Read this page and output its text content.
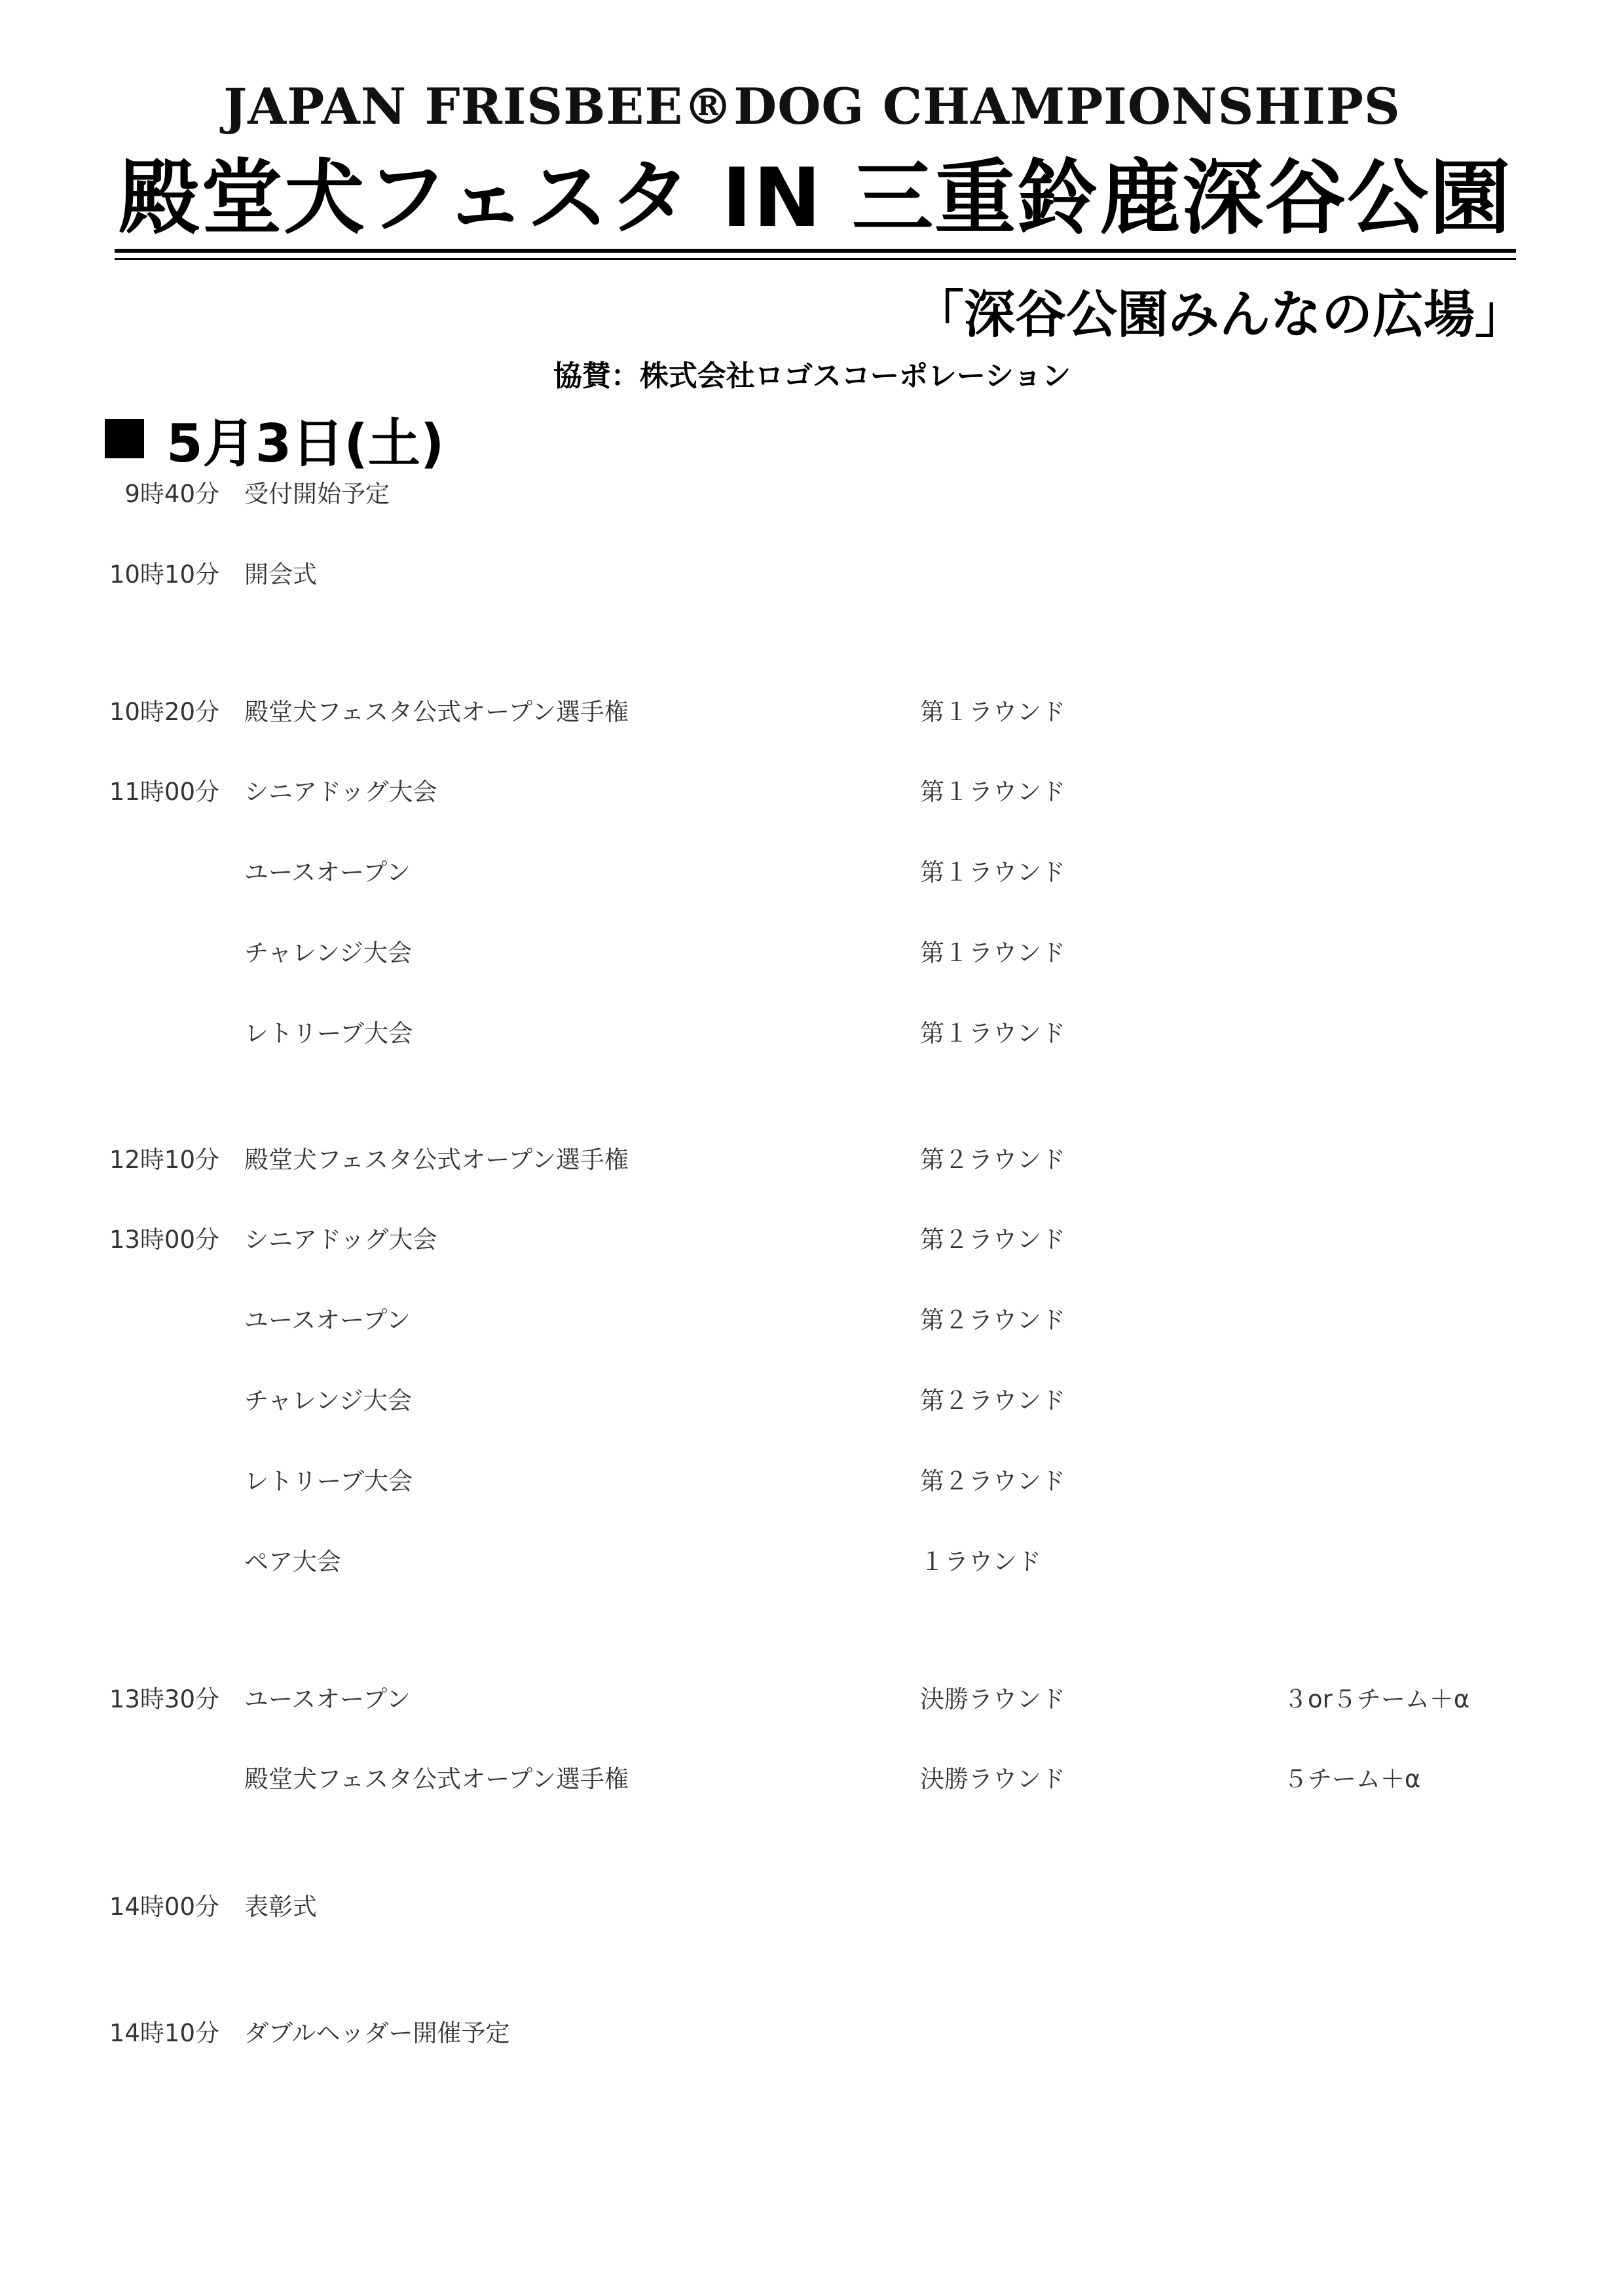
JAPAN FRISBEE®DOG CHAMPIONSHIPS
殿堂犬フェスタ IN 三重鈴鹿深谷公園
「深谷公園みんなの広場」
協賛：株式会社ロゴスコーポレーション
5月3日(土)
9時40分 受付開始予定
10時10分 開会式
10時20分 殿堂犬フェスタ公式オープン選手権	第１ラウンド
11時00分 シニアドッグ大会	第１ラウンド
ユースオープン	第１ラウンド
チャレンジ大会	第１ラウンド
レトリーブ大会	第１ラウンド
12時10分 殿堂犬フェスタ公式オープン選手権	第２ラウンド
13時00分 シニアドッグ大会	第２ラウンド
ユースオープン	第２ラウンド
チャレンジ大会	第２ラウンド
レトリーブ大会	第２ラウンド
ペア大会	１ラウンド
13時30分 ユースオープン	決勝ラウンド	３or５チーム＋α
殿堂犬フェスタ公式オープン選手権	決勝ラウンド	５チーム＋α
14時00分 表彰式
14時10分 ダブルヘッダー開催予定
